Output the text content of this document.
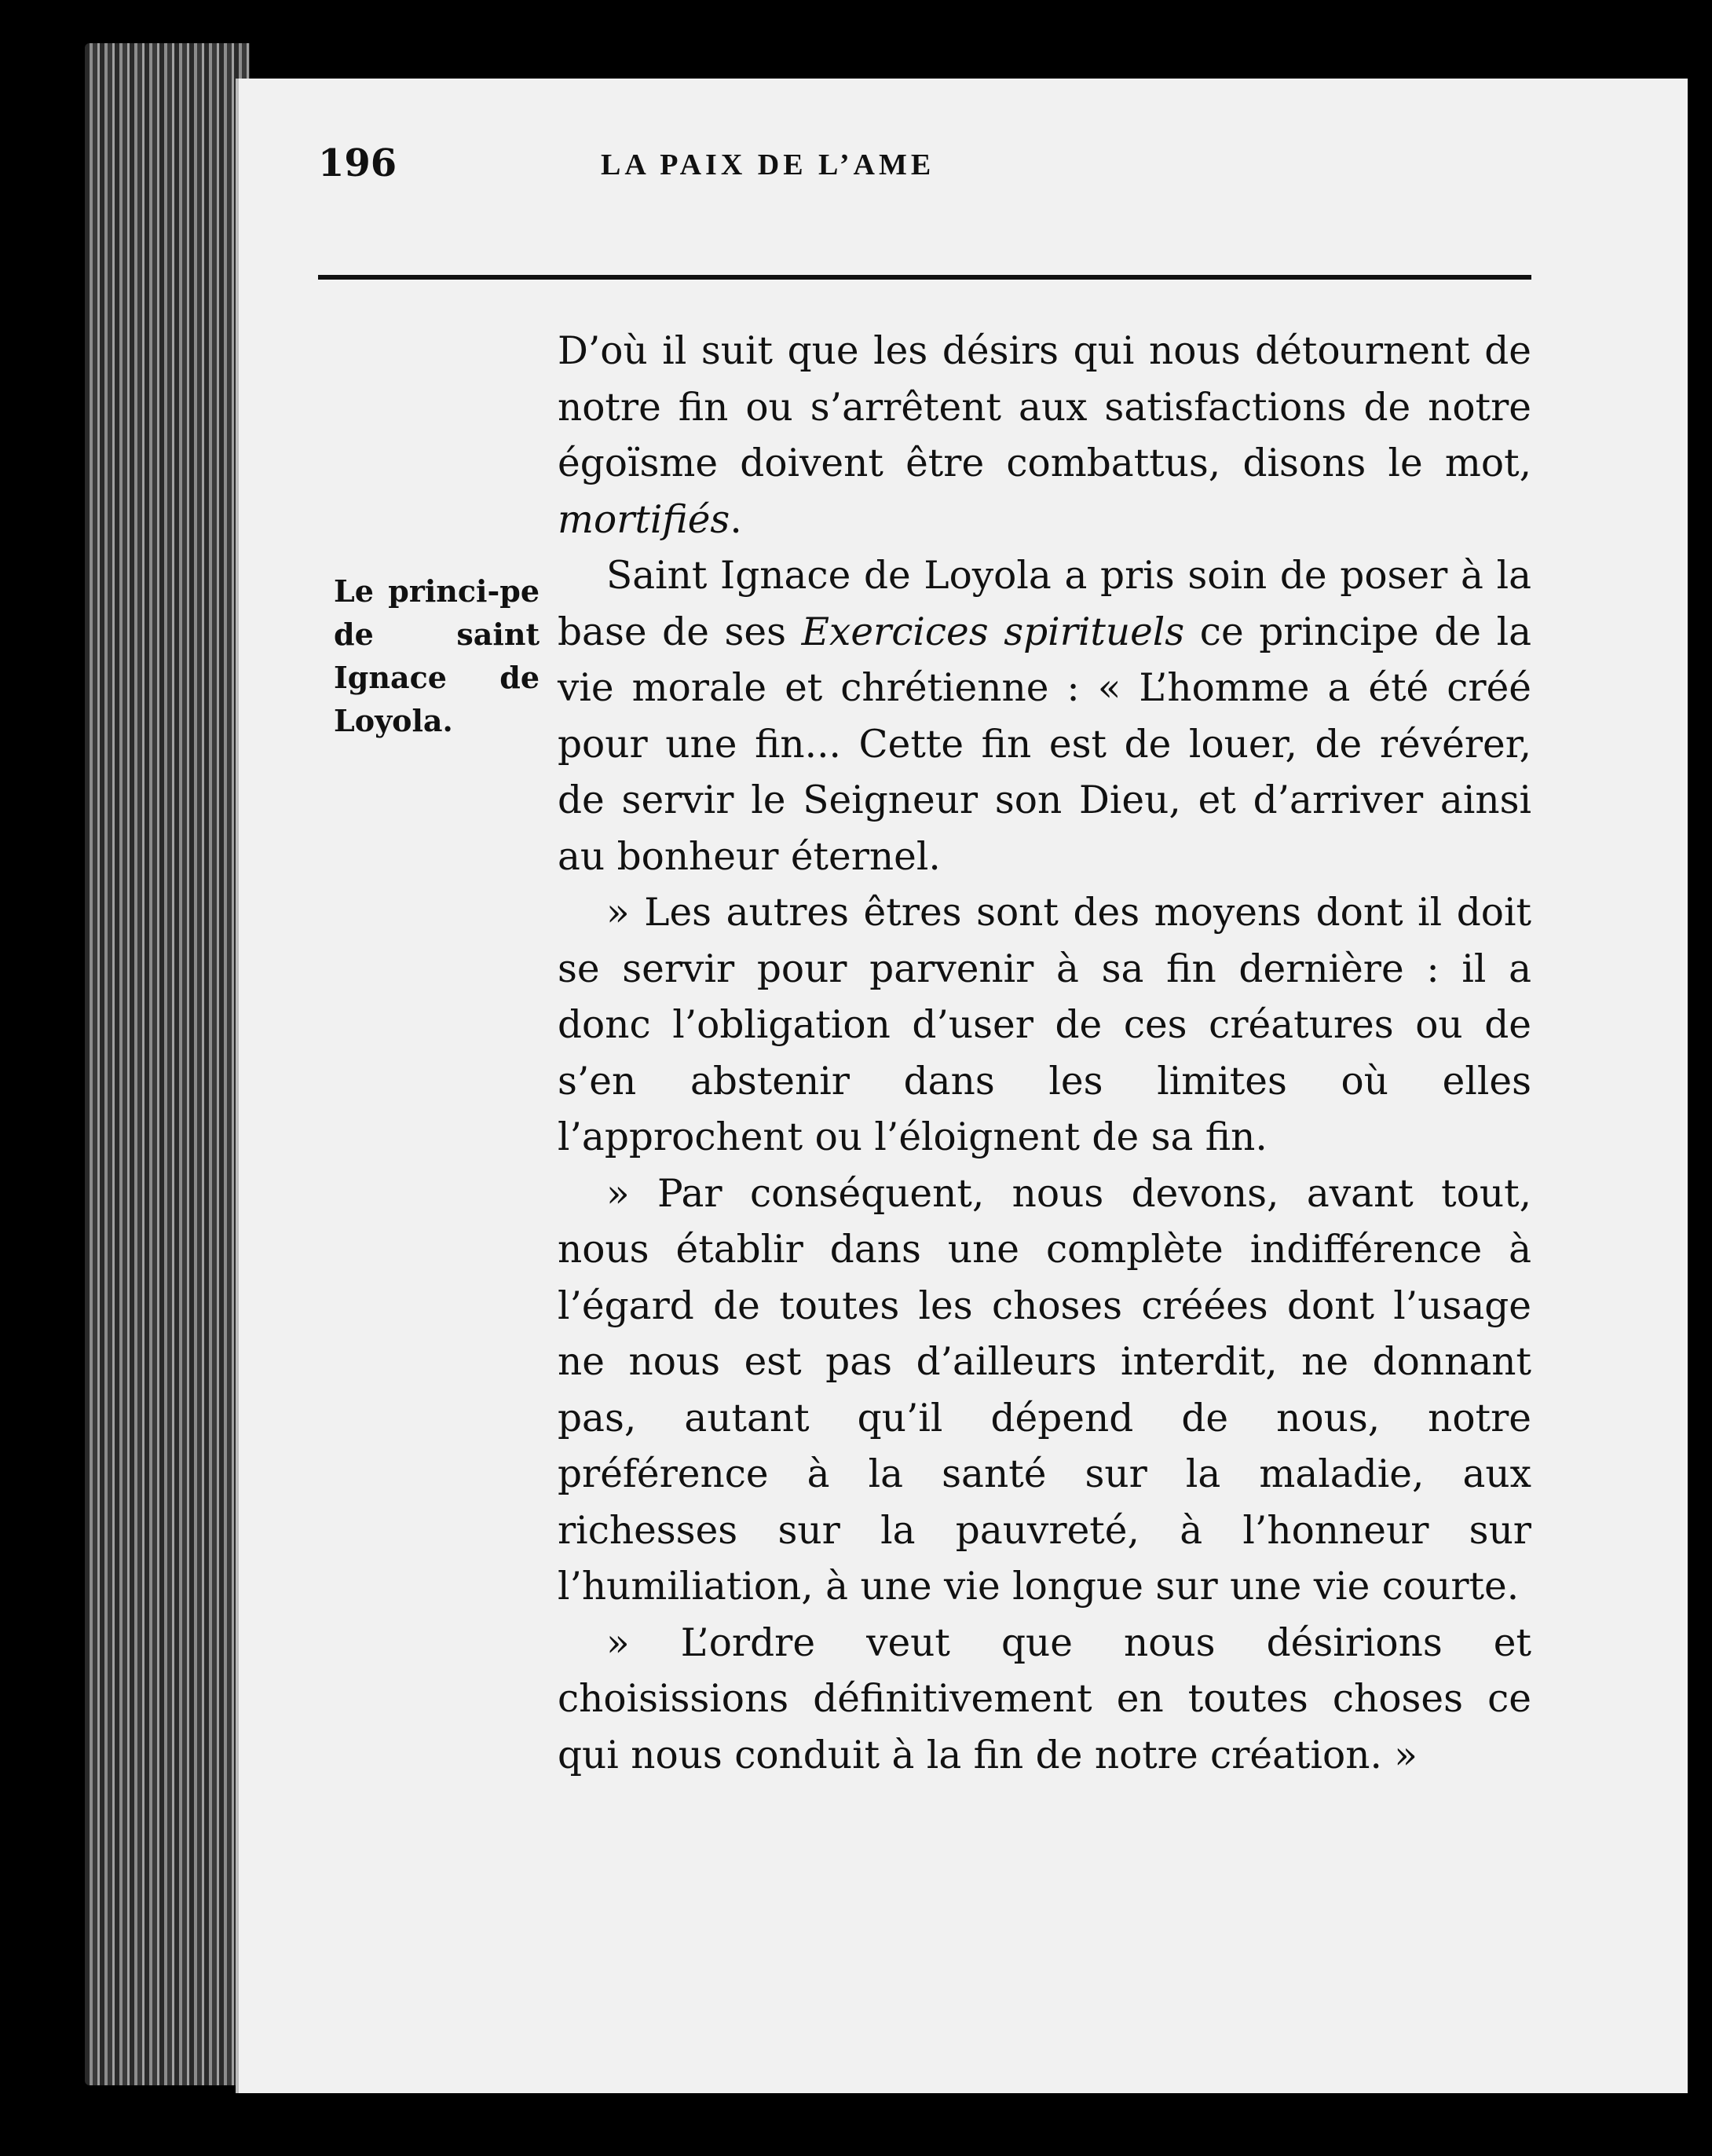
196	LA PAIX DE L’AME
Le princi-pe de saint Ignace de Loyola.

D’où il suit que les désirs qui nous détournent de notre fin ou s’arrêtent aux satisfactions de notre égoïsme doivent être combattus, disons le mot, mortifiés.

Saint Ignace de Loyola a pris soin de poser à la base de ses Exercices spirituels ce principe de la vie morale et chrétienne : « L’homme a été créé pour une fin... Cette fin est de louer, de révérer, de servir le Seigneur son Dieu, et d’arriver ainsi au bonheur éternel.

» Les autres êtres sont des moyens dont il doit se servir pour parvenir à sa fin dernière : il a donc l’obligation d’user de ces créatures ou de s’en abstenir dans les limites où elles l’approchent ou l’éloignent de sa fin.

» Par conséquent, nous devons, avant tout, nous établir dans une complète indifférence à l’égard de toutes les choses créées dont l’usage ne nous est pas d’ailleurs interdit, ne donnant pas, autant qu’il dépend de nous, notre préférence à la santé sur la maladie, aux richesses sur la pauvreté, à l’honneur sur l’humiliation, à une vie longue sur une vie courte.

» L’ordre veut que nous désirions et choisissions définitivement en toutes choses ce qui nous conduit à la fin de notre création. »
